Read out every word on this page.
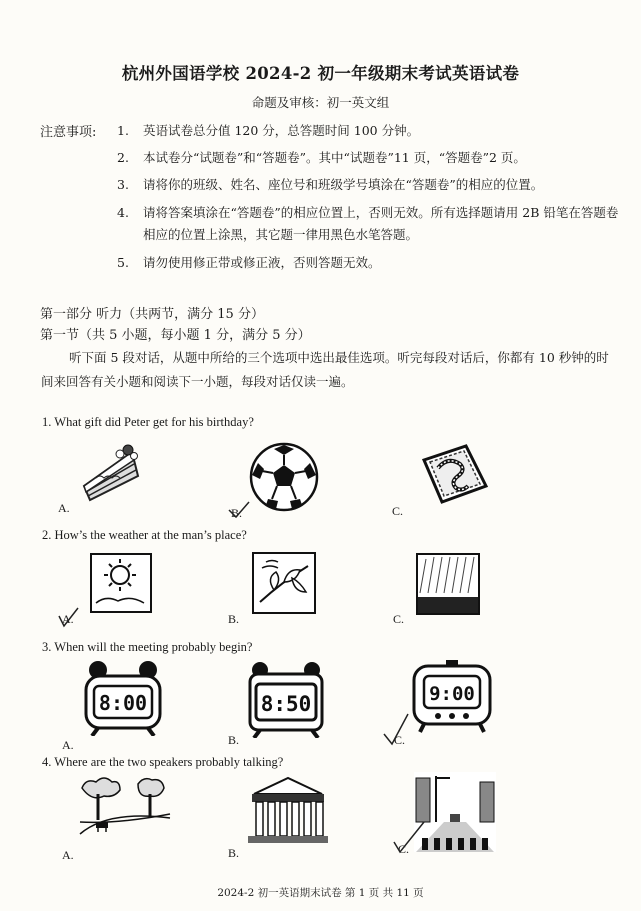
杭州外国语学校 2024-2 初一年级期末考试英语试卷
命题及审核：初一英文组
注意事项: 1. 英语试卷总分值 120 分，总答题时间 100 分钟。
2. 本试卷分“试题卷”和“答题卷”。其中“试题卷”11 页，“答题卷”2 页。
3. 请将你的班级、姓名、座位号和班级学号填涂在“答题卷”的相应的位置。
4. 请将答案填涂在“答题卷”的相应位置上，否则无效。所有选择题请用 2B 铅笔在答题卷相应的位置上涂黑，其它题一律用黑色水笔答题。
5. 请勿使用修正带或修正液，否则答题无效。
第一部分 听力（共两节，满分 15 分）
第一节（共 5 小题，每小题 1 分，满分 5 分）
听下面 5 段对话，从题中所给的三个选项中选出最佳选项。听完每段对话后，你都有 10 秒钟的时间来回答有关小题和阅读下一小题，每段对话仅读一遍。
1. What gift did Peter get for his birthday?
A.	B.	C.
2. How’s the weather at the man’s place?
A.	B.	C.
3. When will the meeting probably begin?
8:00	8:50	9:00
A.	B.	C.
4. Where are the two speakers probably talking?
A.	B.	C.
2024-2 初一英语期末试卷 第 1 页 共 11 页
